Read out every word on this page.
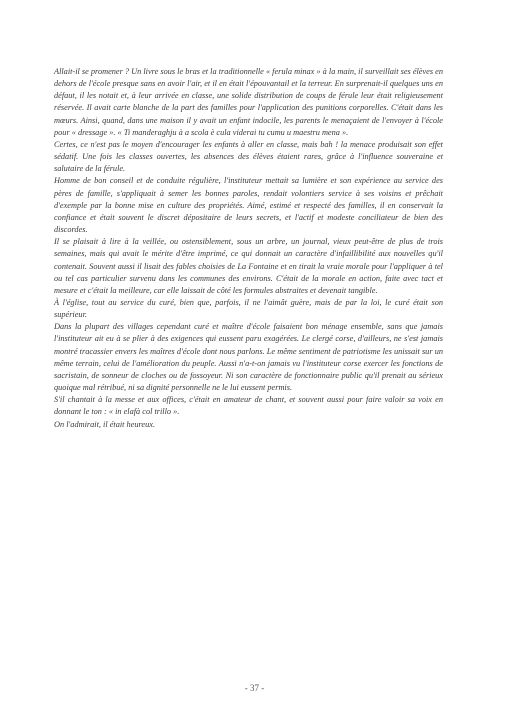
Allait-il se promener ? Un livre sous le bras et la traditionnelle « ferula minax » à la main, il surveillait ses élèves en dehors de l'école presque sans en avoir l'air, et il en était l'épouvantail et la terreur. En surprenait-il quelques uns en défaut, il les notait et, à leur arrivée en classe, une solide distribution de coups de férule leur était religieusement réservée. Il avait carte blanche de la part des familles pour l'application des punitions corporelles. C'était dans les mœurs. Ainsi, quand, dans une maison il y avait un enfant indocile, les parents le menaçaient de l'envoyer à l'école pour « dressage ». « Ti manderaghju à a scola è cula viderai tu cumu u maestru mena ».

Certes, ce n'est pas le moyen d'encourager les enfants à aller en classe, mais bah ! la menace produisait son effet sédatif. Une fois les classes ouvertes, les absences des élèves étaient rares, grâce à l'influence souveraine et salutaire de la férule.

Homme de bon conseil et de conduite régulière, l'instituteur mettait sa lumière et son expérience au service des pères de famille, s'appliquait à semer les bonnes paroles, rendait volontiers service à ses voisins et prêchait d'exemple par la bonne mise en culture des propriétés. Aimé, estimé et respecté des familles, il en conservait la confiance et était souvent le discret dépositaire de leurs secrets, et l'actif et modeste conciliateur de bien des discordes.

Il se plaisait à lire à la veillée, ou ostensiblement, sous un arbre, un journal, vieux peut-être de plus de trois semaines, mais qui avait le mérite d'être imprimé, ce qui donnait un caractère d'infaillibilité aux nouvelles qu'il contenait. Souvent aussi il lisait des fables choisies de La Fontaine et en tirait la vraie morale pour l'appliquer à tel ou tel cas particulier survenu dans les communes des environs. C'était de la morale en action, faite avec tact et mesure et c'était la meilleure, car elle laissait de côté les formules abstraites et devenait tangible.

À l'église, tout au service du curé, bien que, parfois, il ne l'aimât guère, mais de par la loi, le curé était son supérieur.

Dans la plupart des villages cependant curé et maître d'école faisaient bon ménage ensemble, sans que jamais l'instituteur ait eu à se plier à des exigences qui eussent paru exagérées. Le clergé corse, d'ailleurs, ne s'est jamais montré tracassier envers les maîtres d'école dont nous parlons. Le même sentiment de patriotisme les unissait sur un même terrain, celui de l'amélioration du peuple. Aussi n'a-t-on jamais vu l'instituteur corse exercer les fonctions de sacristain, de sonneur de cloches ou de fossoyeur. Ni son caractère de fonctionnaire public qu'il prenait au sérieux quoique mal rétribué, ni sa dignité personnelle ne le lui eussent permis.

S'il chantait à la messe et aux offices, c'était en amateur de chant, et souvent aussi pour faire valoir sa voix en donnant le ton : « in elafà col trillo ».

On l'admirait, il était heureux.

- 37 -
